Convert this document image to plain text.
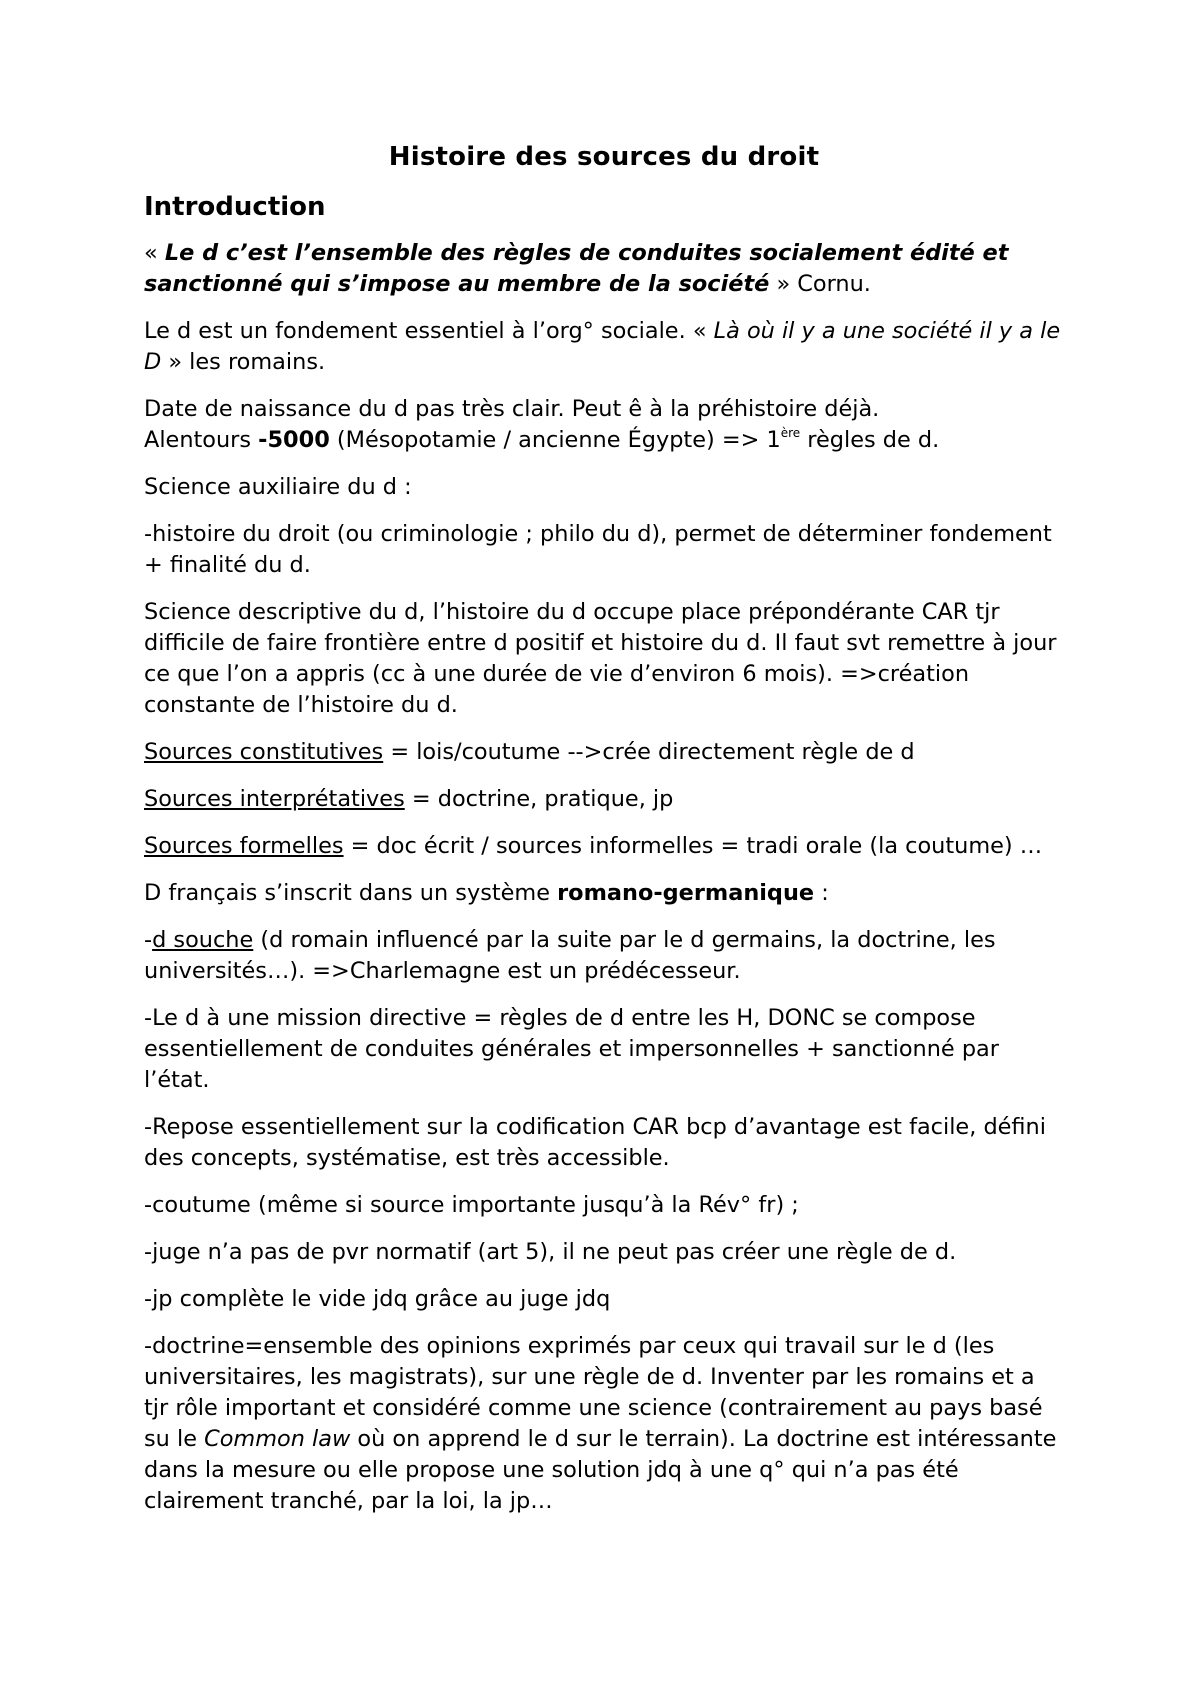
Histoire des sources du droit
Introduction

« Le d c’est l’ensemble des règles de conduites socialement édité et sanctionné qui s’impose au membre de la société » Cornu.

Le d est un fondement essentiel à l’org° sociale. « Là où il y a une société il y a le D » les romains.

Date de naissance du d pas très clair. Peut ê à la préhistoire déjà.
Alentours -5000 (Mésopotamie / ancienne Égypte) => 1ère règles de d.

Science auxiliaire du d :

-histoire du droit (ou criminologie ; philo du d), permet de déterminer fondement + finalité du d.

Science descriptive du d, l’histoire du d occupe place prépondérante CAR tjr difficile de faire frontière entre d positif et histoire du d. Il faut svt remettre à jour ce que l’on a appris (cc à une durée de vie d’environ 6 mois). =>création constante de l’histoire du d.

Sources constitutives = lois/coutume -->crée directement règle de d

Sources interprétatives = doctrine, pratique, jp

Sources formelles = doc écrit / sources informelles = tradi orale (la coutume) …

D français s’inscrit dans un système romano-germanique :

-d souche (d romain influencé par la suite par le d germains, la doctrine, les universités…). =>Charlemagne est un prédécesseur.

-Le d à une mission directive = règles de d entre les H, DONC se compose essentiellement de conduites générales et impersonnelles + sanctionné par l’état.

-Repose essentiellement sur la codification CAR bcp d’avantage est facile, défini des concepts, systématise, est très accessible.

-coutume (même si source importante jusqu’à la Rév° fr) ;

-juge n’a pas de pvr normatif (art 5), il ne peut pas créer une règle de d.

-jp complète le vide jdq grâce au juge jdq

-doctrine=ensemble des opinions exprimés par ceux qui travail sur le d (les universitaires, les magistrats), sur une règle de d. Inventer par les romains et a tjr rôle important et considéré comme une science (contrairement au pays basé su le Common law où on apprend le d sur le terrain). La doctrine est intéressante dans la mesure ou elle propose une solution jdq à une q° qui n’a pas été clairement tranché, par la loi, la jp…
